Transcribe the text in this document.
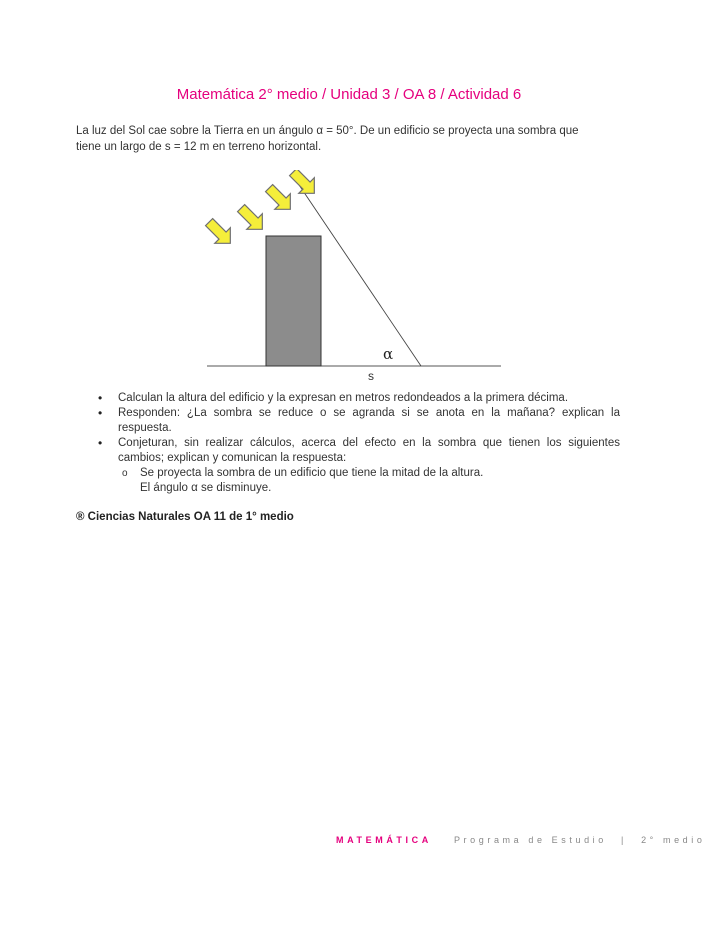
Matemática 2° medio / Unidad 3 / OA 8 / Actividad 6

La luz del Sol cae sobre la Tierra en un ángulo α = 50°. De un edificio se proyecta una sombra que

tiene un largo de s = 12 m en terreno horizontal.

α
s
• Calculan la altura del edificio y la expresan en metros redondeados a la primera décima.
• Responden: ¿La sombra se reduce o se agranda si se anota en la mañana? explican la respuesta.
• Conjeturan, sin realizar cálculos, acerca del efecto en la sombra que tienen los siguientes cambios; explican y comunican la respuesta:
o Se proyecta la sombra de un edificio que tiene la mitad de la altura.
El ángulo α se disminuye.
® Ciencias Naturales OA 11 de 1° medio
MATEMÁTICA Programa de Estudio | 2° medio
